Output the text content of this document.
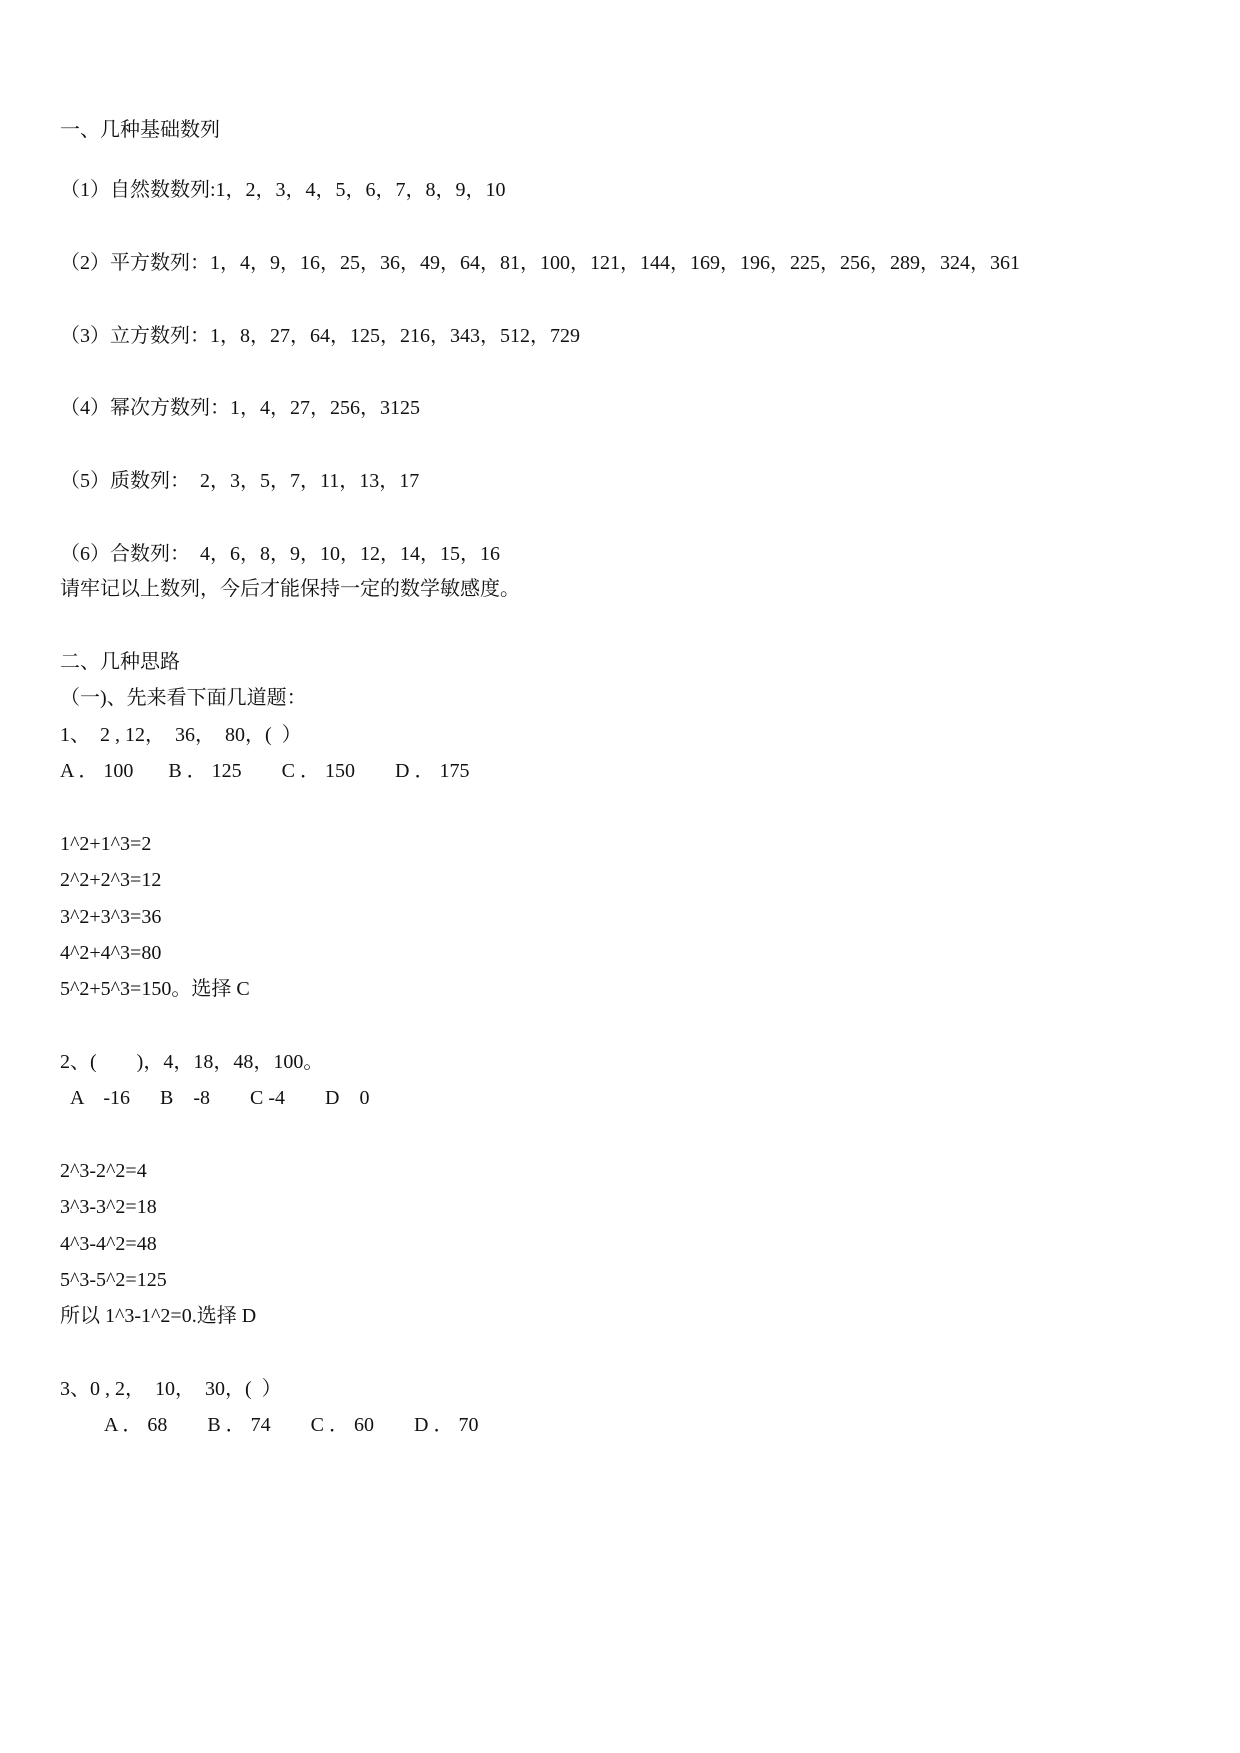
一、几种基础数列

（1）自然数数列:1，2，3，4，5，6，7，8，9，10

（2）平方数列：1，4，9，16，25，36，49，64，81，100，121，144，169，196，225，256，289，324，361

（3）立方数列：1，8，27，64，125，216，343，512，729

（4）幂次方数列：1，4，27，256，3125

（5）质数列：  2，3，5，7，11，13，17

（6）合数列：  4，6，8，9，10，12，14，15，16

请牢记以上数列，今后才能保持一定的数学敏感度。

二、几种思路

（一)、先来看下面几道题：

1、  2 , 12，  36，  80，(  ）

A ． 100       B ． 125        C ． 150        D ． 175

1^2+1^3=2

2^2+2^3=12

3^2+3^3=36

4^2+4^3=80

5^2+5^3=150。选择 C

2、(        )，4，18，48，100。

A    -16      B    -8        C -4        D    0

2^3-2^2=4

3^3-3^2=18

4^3-4^2=48

5^3-5^2=125

所以 1^3-1^2=0.选择 D

3、0 , 2，  10，  30，(  ）

A ． 68        B ． 74        C ． 60        D ． 70
